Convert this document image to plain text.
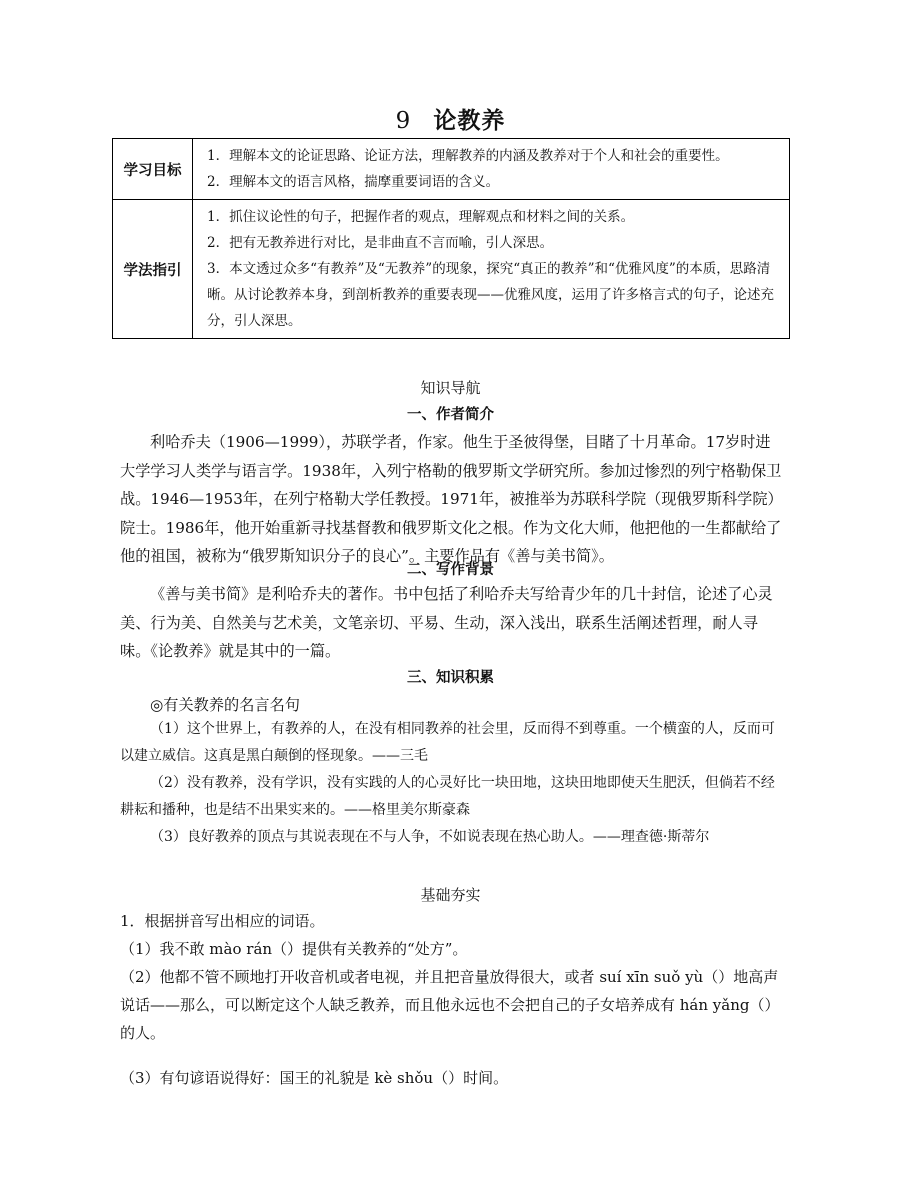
9 论教养
学习目标	1．理解本文的论证思路、论证方法，理解教养的内涵及教养对于个人和社会的重要性。

2．理解本文的语言风格，揣摩重要词语的含义。

学法指引	1．抓住议论性的句子，把握作者的观点，理解观点和材料之间的关系。

2．把有无教养进行对比，是非曲直不言而喻，引人深思。

3．本文透过众多“有教养”及“无教养”的现象，探究“真正的教养”和“优雅风度”的本质，思路清晰。从讨论教养本身，到剖析教养的重要表现——优雅风度，运用了许多格言式的句子，论述充分，引人深思。

知识导航
一、作者简介

利哈乔夫（1906—1999），苏联学者，作家。他生于圣彼得堡，目睹了十月革命。17岁时进大学学习人类学与语言学。1938年，入列宁格勒的俄罗斯文学研究所。参加过惨烈的列宁格勒保卫战。1946—1953年，在列宁格勒大学任教授。1971年，被推举为苏联科学院（现俄罗斯科学院）院士。1986年，他开始重新寻找基督教和俄罗斯文化之根。作为文化大师，他把他的一生都献给了他的祖国，被称为“俄罗斯知识分子的良心”。主要作品有《善与美书简》。

二、写作背景

《善与美书简》是利哈乔夫的著作。书中包括了利哈乔夫写给青少年的几十封信，论述了心灵美、行为美、自然美与艺术美，文笔亲切、平易、生动，深入浅出，联系生活阐述哲理，耐人寻味。《论教养》就是其中的一篇。

三、知识积累

◎有关教养的名言名句

（1）这个世界上，有教养的人，在没有相同教养的社会里，反而得不到尊重。一个横蛮的人，反而可以建立威信。这真是黑白颠倒的怪现象。——三毛

（2）没有教养，没有学识，没有实践的人的心灵好比一块田地，这块田地即使天生肥沃，但倘若不经耕耘和播种，也是结不出果实来的。——格里美尔斯豪森

（3）良好教养的顶点与其说表现在不与人争，不如说表现在热心助人。——理查德·斯蒂尔

基础夯实

1．根据拼音写出相应的词语。

（1）我不敢 mào rán（）提供有关教养的“处方”。

（2）他都不管不顾地打开收音机或者电视，并且把音量放得很大，或者 suí xīn suǒ yù（）地高声说话——那么，可以断定这个人缺乏教养，而且他永远也不会把自己的子女培养成有 hán yǎng（）的人。

（3）有句谚语说得好：国王的礼貌是 kè shǒu（）时间。
